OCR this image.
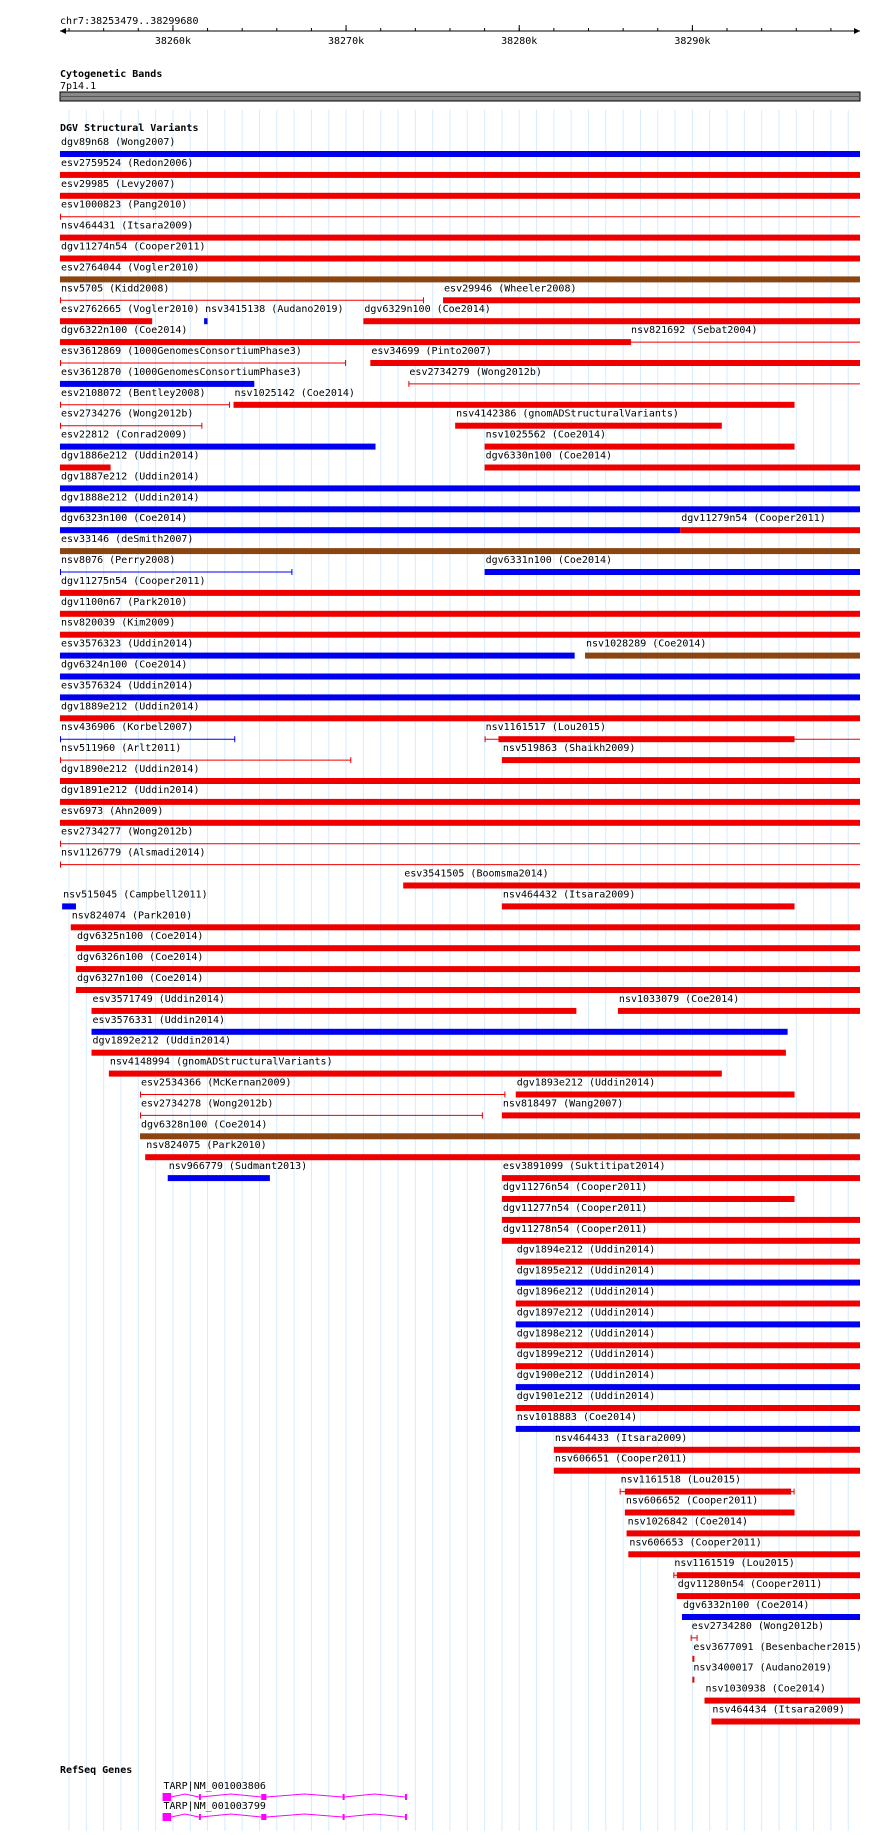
chr7:38253479..38299680
38260k	38270k	38280k	38290k
Cytogenetic Bands
7p14.1
DGV Structural Variants
dgv89n68 (Wong2007)
esv2759524 (Redon2006)
esv29985 (Levy2007)
esv1000823 (Pang2010)
nsv464431 (Itsara2009)
dgv11274n54 (Cooper2011)
esv2764044 (Vogler2010)
nsv5705 (Kidd2008)	esv29946 (Wheeler2008)
esv2762665 (Vogler2010) nsv3415138 (Audano2019) dgv6329n100 (Coe2014)
dgv6322n100 (Coe2014)	nsv821692 (Sebat2004)
esv3612869 (1000GenomesConsortiumPhase3)	esv34699 (Pinto2007)
esv3612870 (1000GenomesConsortiumPhase3)	esv2734279 (Wong2012b)
esv2108072 (Bentley2008)	nsv1025142 (Coe2014)
esv2734276 (Wong2012b)	nsv4142386 (gnomADStructuralVariants)
esv22812 (Conrad2009)	nsv1025562 (Coe2014)
dgv1886e212 (Uddin2014)	dgv6330n100 (Coe2014)
dgv1887e212 (Uddin2014)
dgv1888e212 (Uddin2014)
dgv6323n100 (Coe2014)	dgv11279n54 (Cooper2011)
esv33146 (deSmith2007)
nsv8076 (Perry2008)	dgv6331n100 (Coe2014)
dgv11275n54 (Cooper2011)
dgv1100n67 (Park2010)
nsv820039 (Kim2009)
esv3576323 (Uddin2014)	nsv1028289 (Coe2014)
dgv6324n100 (Coe2014)
esv3576324 (Uddin2014)
dgv1889e212 (Uddin2014)
nsv436906 (Korbel2007)	nsv1161517 (Lou2015)
nsv511960 (Arlt2011)	nsv519863 (Shaikh2009)
dgv1890e212 (Uddin2014)
dgv1891e212 (Uddin2014)
esv6973 (Ahn2009)
esv2734277 (Wong2012b)
nsv1126779 (Alsmadi2014)
esv3541505 (Boomsma2014)
nsv515045 (Campbell2011)	nsv464432 (Itsara2009)
nsv824074 (Park2010)
dgv6325n100 (Coe2014)
dgv6326n100 (Coe2014)
dgv6327n100 (Coe2014)
esv3571749 (Uddin2014)	nsv1033079 (Coe2014)
esv3576331 (Uddin2014)
dgv1892e212 (Uddin2014)
nsv4148994 (gnomADStructuralVariants)
esv2534366 (McKernan2009)	dgv1893e212 (Uddin2014)
esv2734278 (Wong2012b)	nsv818497 (Wang2007)
dgv6328n100 (Coe2014)
nsv824075 (Park2010)
nsv966779 (Sudmant2013)	esv3891099 (Suktitipat2014)
dgv11276n54 (Cooper2011)
dgv11277n54 (Cooper2011)
dgv11278n54 (Cooper2011)
dgv1894e212 (Uddin2014)
dgv1895e212 (Uddin2014)
dgv1896e212 (Uddin2014)
dgv1897e212 (Uddin2014)
dgv1898e212 (Uddin2014)
dgv1899e212 (Uddin2014)
dgv1900e212 (Uddin2014)
dgv1901e212 (Uddin2014)
nsv1018883 (Coe2014)
nsv464433 (Itsara2009)
nsv606651 (Cooper2011)
nsv1161518 (Lou2015)
nsv606652 (Cooper2011)
nsv1026842 (Coe2014)
nsv606653 (Cooper2011)
nsv1161519 (Lou2015)
dgv11280n54 (Cooper2011)
dgv6332n100 (Coe2014)
esv2734280 (Wong2012b)
esv3677091 (Besenbacher2015)
nsv3400017 (Audano2019)
nsv1030938 (Coe2014)
nsv464434 (Itsara2009)
RefSeq Genes
TARP|NM_001003806
TARP|NM_001003799
